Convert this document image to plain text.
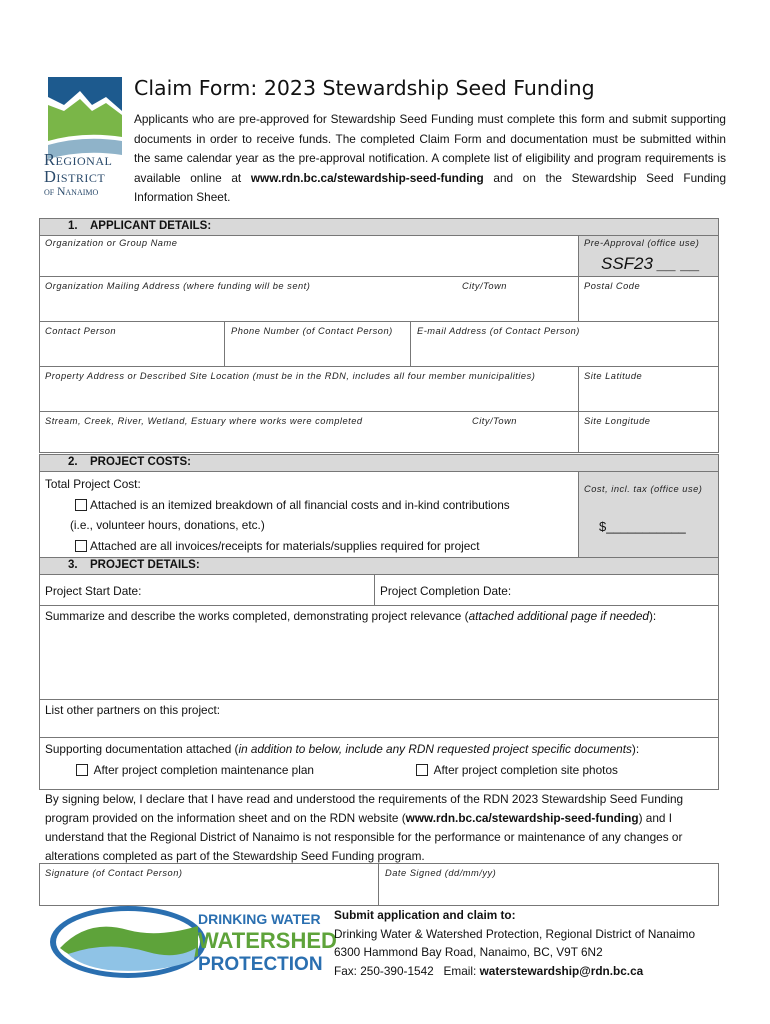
Regional
District
of Nanaimo
Claim Form: 2023 Stewardship Seed Funding
Applicants who are pre-approved for Stewardship Seed Funding must complete this form and submit supporting documents in order to receive funds. The completed Claim Form and documentation must be submitted within the same calendar year as the pre-approval notification. A complete list of eligibility and program requirements is available online at www.rdn.bc.ca/stewardship-seed-funding and on the Stewardship Seed Funding Information Sheet.
1. APPLICANT DETAILS:
Organization or Group Name	Pre-Approval (office use)
SSF23 __ __
Organization Mailing Address (where funding will be sent)	City/Town	Postal Code
Contact Person	Phone Number (of Contact Person)	E-mail Address (of Contact Person)
Property Address or Described Site Location (must be in the RDN, includes all four member municipalities)	Site Latitude
Stream, Creek, River, Wetland, Estuary where works were completed	City/Town	Site Longitude
2. PROJECT COSTS:
Total Project Cost:
Attached is an itemized breakdown of all financial costs and in-kind contributions
(i.e., volunteer hours, donations, etc.)
Attached are all invoices/receipts for materials/supplies required for project
Cost, incl. tax (office use)
$___________
3. PROJECT DETAILS:
Project Start Date:	Project Completion Date:
Summarize and describe the works completed, demonstrating project relevance (attached additional page if needed):
List other partners on this project:
Supporting documentation attached (in addition to below, include any RDN requested project specific documents):
After project completion maintenance plan	After project completion site photos
Signature (of Contact Person)	Date Signed (dd/mm/yy)
By signing below, I declare that I have read and understood the requirements of the RDN 2023 Stewardship Seed Funding program provided on the information sheet and on the RDN website (www.rdn.bc.ca/stewardship-seed-funding) and I understand that the Regional District of Nanaimo is not responsible for the performance or maintenance of any changes or alterations completed as part of the Stewardship Seed Funding program.
DRINKING WATER
WATERSHED
PROTECTION
Submit application and claim to:
Drinking Water & Watershed Protection, Regional District of Nanaimo
6300 Hammond Bay Road, Nanaimo, BC, V9T 6N2
Fax: 250-390-1542 Email: waterstewardship@rdn.bc.ca
